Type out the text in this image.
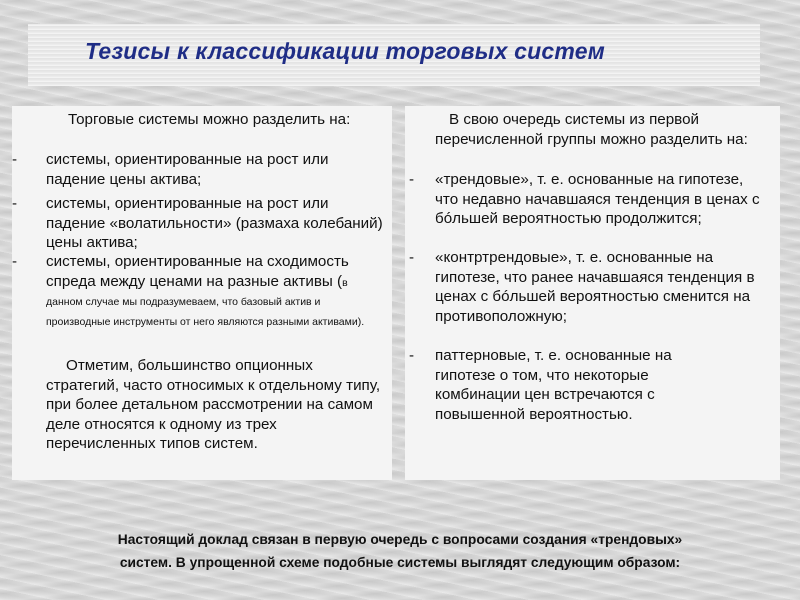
Тезисы к классификации торговых систем

Торговые системы можно разделить на:

- системы, ориентированные на рост или падение цены актива;

- системы, ориентированные на рост или падение «волатильности» (размаха колебаний) цены актива;

- системы, ориентированные на сходимость спреда между ценами на разные активы (в данном случае мы подразумеваем, что базовый актив и производные инструменты от него являются разными активами).

Отметим, большинство опционных стратегий, часто относимых к отдельному типу, при более детальном рассмотрении на самом деле относятся к одному из трех перечисленных типов систем.

В свою очередь системы из первой перечисленной группы можно разделить на:

- «трендовые», т. е. основанные на гипотезе, что недавно начавшаяся тенденция в ценах с бóльшей вероятностью продолжится;

- «контртрендовые», т. е. основанные на гипотезе, что ранее начавшаяся тенденция в ценах с бóльшей вероятностью сменится на противоположную;

- паттерновые, т. е. основанные на гипотезе о том, что некоторые комбинации цен встречаются с повышенной вероятностью.

Настоящий доклад связан в первую очередь с вопросами создания «трендовых»

систем. В упрощенной схеме подобные системы выглядят следующим образом:
